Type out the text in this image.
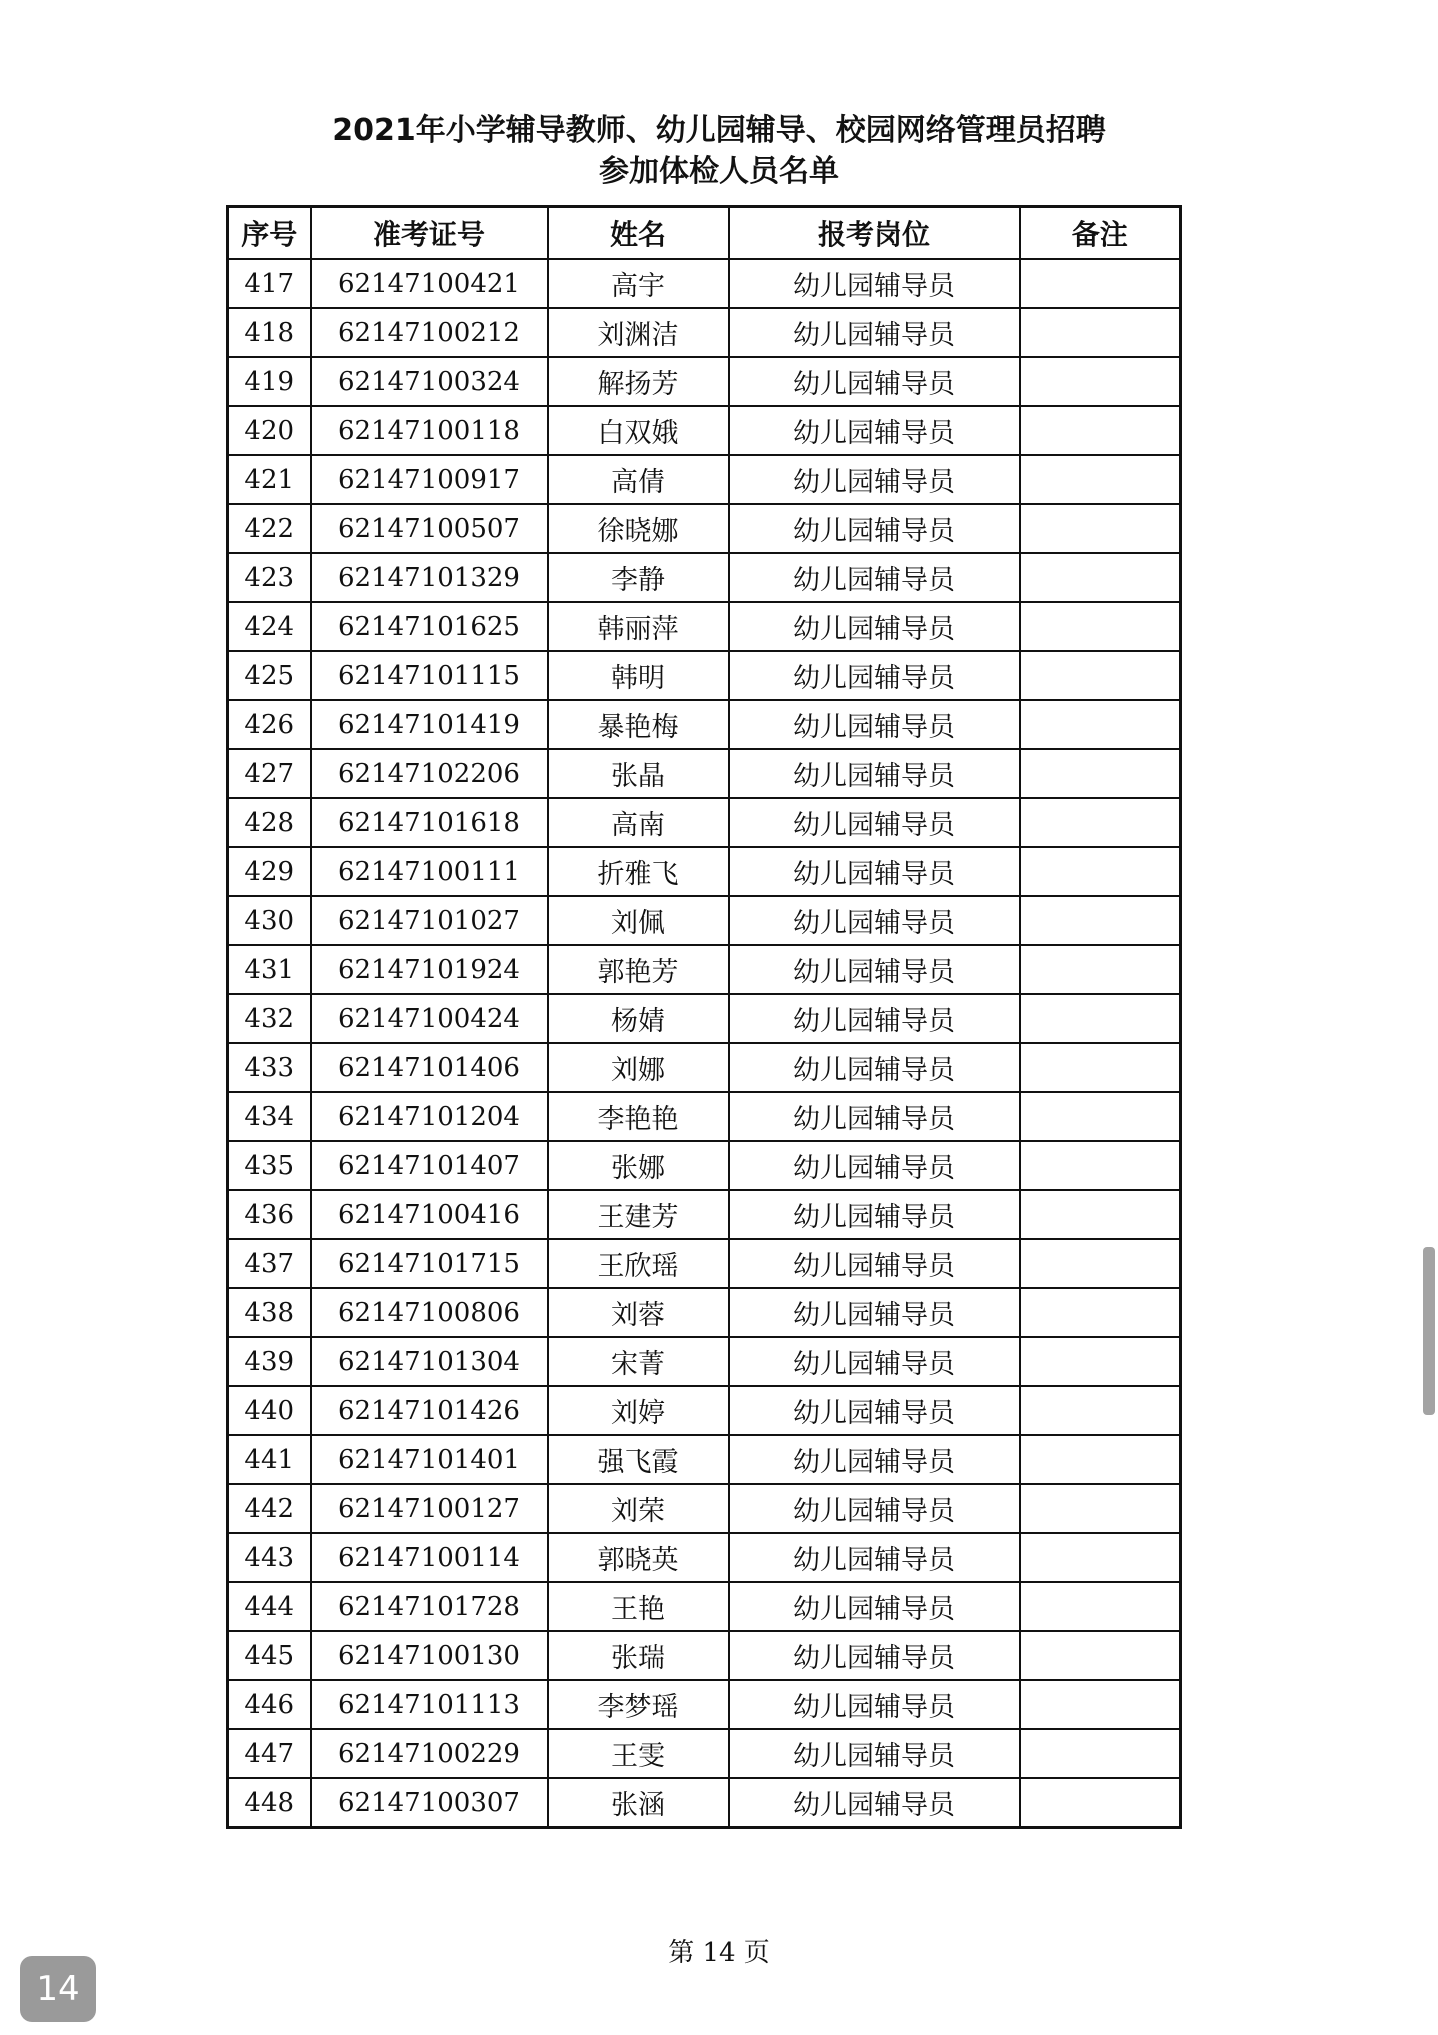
2021年小学辅导教师、幼儿园辅导、校园网络管理员招聘
参加体检人员名单
序号	准考证号	姓名	报考岗位	备注
417	62147100421	高宇	幼儿园辅导员	
418	62147100212	刘渊洁	幼儿园辅导员	
419	62147100324	解扬芳	幼儿园辅导员	
420	62147100118	白双娥	幼儿园辅导员	
421	62147100917	高倩	幼儿园辅导员	
422	62147100507	徐晓娜	幼儿园辅导员	
423	62147101329	李静	幼儿园辅导员	
424	62147101625	韩丽萍	幼儿园辅导员	
425	62147101115	韩明	幼儿园辅导员	
426	62147101419	暴艳梅	幼儿园辅导员	
427	62147102206	张晶	幼儿园辅导员	
428	62147101618	高南	幼儿园辅导员	
429	62147100111	折雅飞	幼儿园辅导员	
430	62147101027	刘佩	幼儿园辅导员	
431	62147101924	郭艳芳	幼儿园辅导员	
432	62147100424	杨婧	幼儿园辅导员	
433	62147101406	刘娜	幼儿园辅导员	
434	62147101204	李艳艳	幼儿园辅导员	
435	62147101407	张娜	幼儿园辅导员	
436	62147100416	王建芳	幼儿园辅导员	
437	62147101715	王欣瑶	幼儿园辅导员	
438	62147100806	刘蓉	幼儿园辅导员	
439	62147101304	宋菁	幼儿园辅导员	
440	62147101426	刘婷	幼儿园辅导员	
441	62147101401	强飞霞	幼儿园辅导员	
442	62147100127	刘荣	幼儿园辅导员	
443	62147100114	郭晓英	幼儿园辅导员	
444	62147101728	王艳	幼儿园辅导员	
445	62147100130	张瑞	幼儿园辅导员	
446	62147101113	李梦瑶	幼儿园辅导员	
447	62147100229	王雯	幼儿园辅导员	
448	62147100307	张涵	幼儿园辅导员	
第 14 页
14
